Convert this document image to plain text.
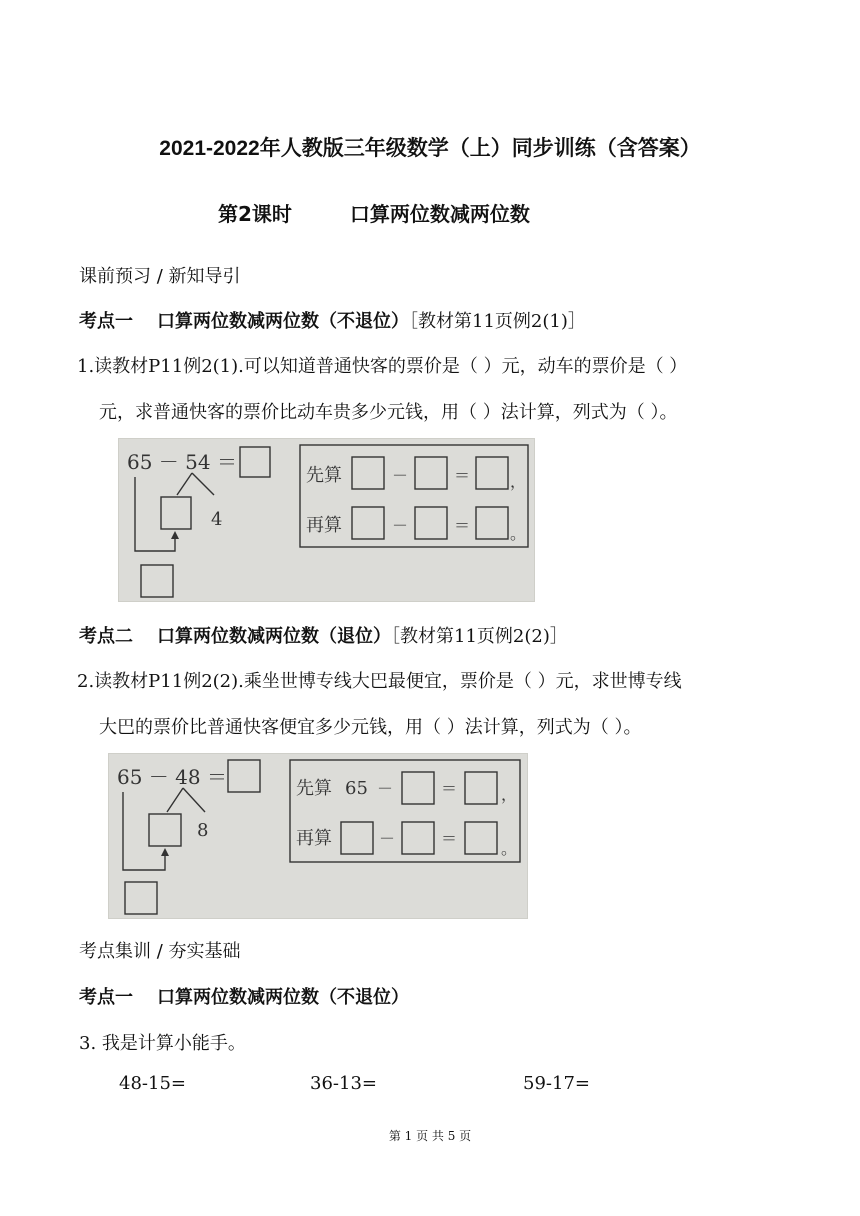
2021-2022年人教版三年级数学（上）同步训练（含答案）
第2课时	口算两位数减两位数
课前预习 / 新知导引
考点一 口算两位数减两位数（不退位）［教材第11页例2(1)］
1.读教材P11例2(1).可以知道普通快客的票价是（ ）元，动车的票价是（ ）
元，求普通快客的票价比动车贵多少元钱，用（ ）法计算，列式为（ ）。
65 － 54 ＝
4
先算	－	＝ ，
再算	－	＝ 。
考点二 口算两位数减两位数（退位）［教材第11页例2(2)］
2.读教材P11例2(2).乘坐世博专线大巴最便宜，票价是（ ）元，求世博专线
大巴的票价比普通快客便宜多少元钱，用（ ）法计算，列式为（ ）。
65 － 48 ＝
8
先算 65 －	＝	，
再算	－	＝
。
考点集训 / 夯实基础
考点一 口算两位数减两位数（不退位）
3. 我是计算小能手。
48-15=	36-13=	59-17=
第 1 页 共 5 页
